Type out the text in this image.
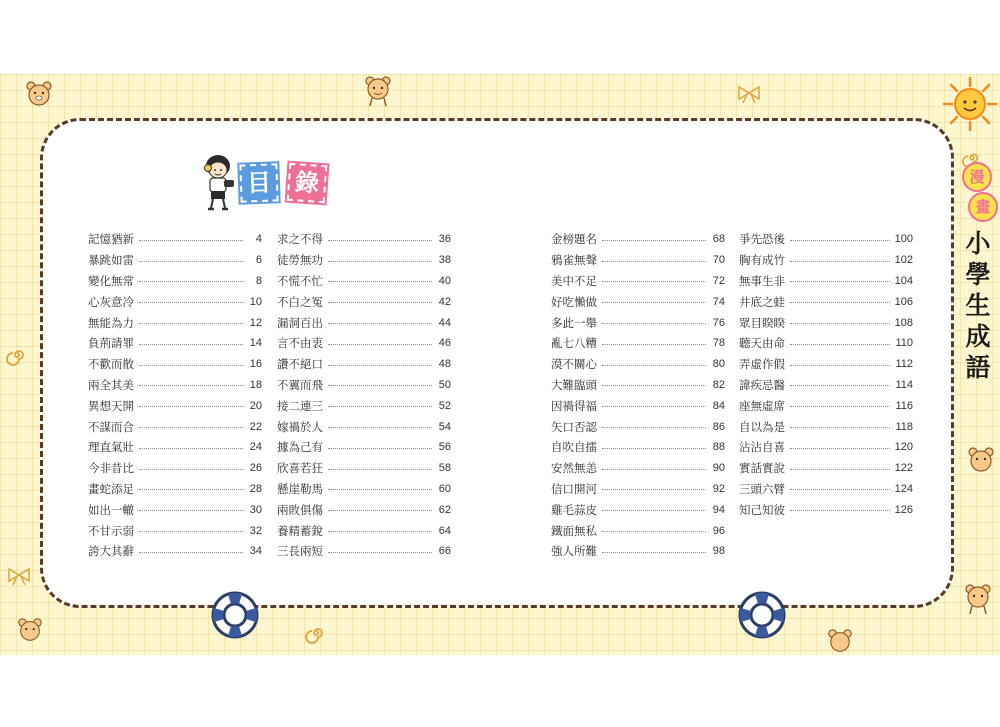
目 錄
記憶猶新	4
暴跳如雷	6
變化無常	8
心灰意冷	10
無能為力	12
負荊請罪	14
不歡而散	16
兩全其美	18
異想天開	20
不謀而合	22
理直氣壯	24
今非昔比	26
畫蛇添足	28
如出一轍	30
不甘示弱	32
誇大其辭	34
求之不得	36
徒勞無功	38
不慌不忙	40
不白之冤	42
漏洞百出	44
言不由衷	46
讚不絕口	48
不翼而飛	50
接二連三	52
嫁禍於人	54
據為己有	56
欣喜若狂	58
懸崖勒馬	60
兩敗俱傷	62
養精蓄銳	64
三長兩短	66
金榜題名	68
鴉雀無聲	70
美中不足	72
好吃懶做	74
多此一舉	76
亂七八糟	78
漠不關心	80
大難臨頭	82
因禍得福	84
矢口否認	86
自吹自擂	88
安然無恙	90
信口開河	92
雞毛蒜皮	94
鐵面無私	96
強人所難	98
爭先恐後	100
胸有成竹	102
無事生非	104
井底之蛙	106
眾目睽睽	108
聽天由命	110
弄虛作假	112
諱疾忌醫	114
座無虛席	116
自以為是	118
沾沾自喜	120
實話實說	122
三頭六臂	124
知己知彼	126
漫
畫
小
學
生
成
語
